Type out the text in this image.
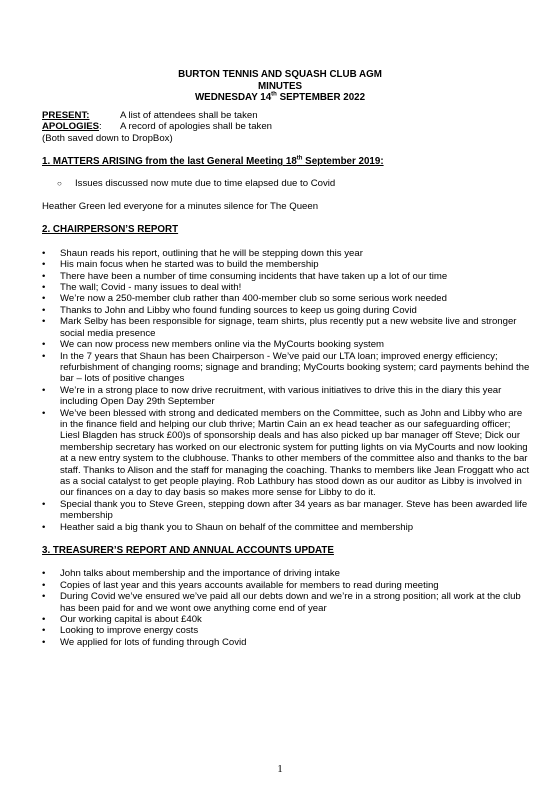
BURTON TENNIS AND SQUASH CLUB AGM
MINUTES
WEDNESDAY 14th SEPTEMBER 2022
PRESENT:	A list of attendees shall be taken
APOLOGIES: A record of apologies shall be taken
(Both saved down to DropBox)
1. MATTERS ARISING from the last General Meeting 18th September 2019:
○ Issues discussed now mute due to time elapsed due to Covid
Heather Green led everyone for a minutes silence for The Queen
2. CHAIRPERSON’S REPORT
• Shaun reads his report, outlining that he will be stepping down this year
• His main focus when he started was to build the membership
• There have been a number of time consuming incidents that have taken up a lot of our time
• The wall; Covid - many issues to deal with!
• We’re now a 250-member club rather than 400-member club so some serious work needed
• Thanks to John and Libby who found funding sources to keep us going during Covid
• Mark Selby has been responsible for signage, team shirts, plus recently put a new website live and stronger social media presence
• We can now process new members online via the MyCourts booking system
• In the 7 years that Shaun has been Chairperson - We’ve paid our LTA loan; improved energy efficiency; refurbishment of changing rooms; signage and branding; MyCourts booking system; card payments behind the bar – lots of positive changes
• We’re in a strong place to now drive recruitment, with various initiatives to drive this in the diary this year including Open Day 29th September
• We’ve been blessed with strong and dedicated members on the Committee, such as John and Libby who are in the finance field and helping our club thrive; Martin Cain an ex head teacher as our safeguarding officer; Liesl Blagden has struck £00)s of sponsorship deals and has also picked up bar manager off Steve; Dick our membership secretary has worked on our electronic system for putting lights on via MyCourts and now looking at a new entry system to the clubhouse. Thanks to other members of the committee also and thanks to the bar staff. Thanks to Alison and the staff for managing the coaching. Thanks to members like Jean Froggatt who act as a social catalyst to get people playing. Rob Lathbury has stood down as our auditor as Libby is involved in our finances on a day to day basis so makes more sense for Libby to do it.
• Special thank you to Steve Green, stepping down after 34 years as bar manager. Steve has been awarded life membership
• Heather said a big thank you to Shaun on behalf of the committee and membership
3. TREASURER’S REPORT AND ANNUAL ACCOUNTS UPDATE
• John talks about membership and the importance of driving intake
• Copies of last year and this years accounts available for members to read during meeting
• During Covid we’ve ensured we’ve paid all our debts down and we’re in a strong position; all work at the club has been paid for and we wont owe anything come end of year
• Our working capital is about £40k
• Looking to improve energy costs
• We applied for lots of funding through Covid
1
